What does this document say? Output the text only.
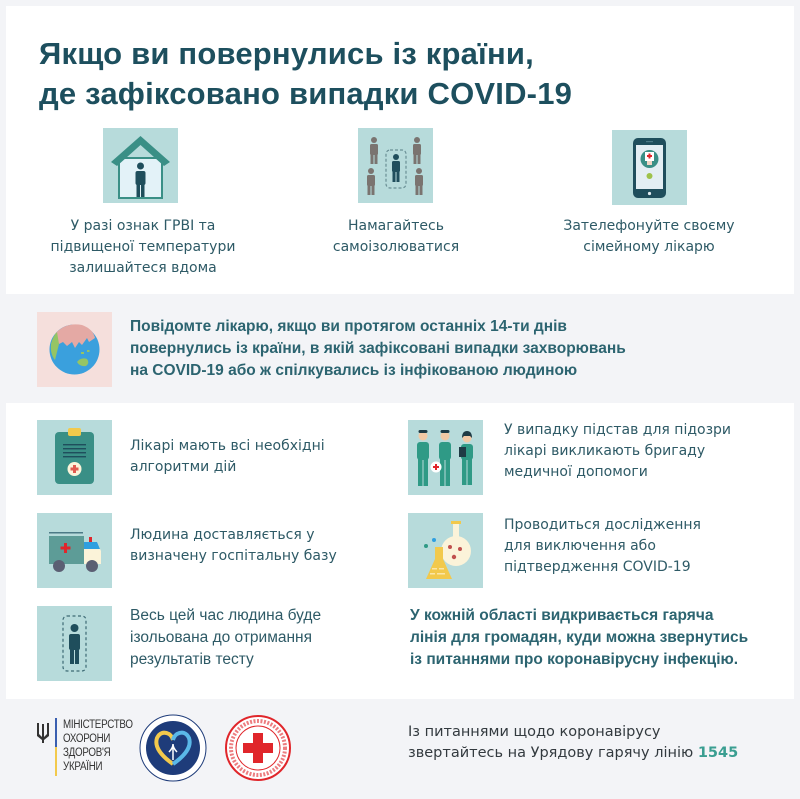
Якщо ви повернулись із країни,
де зафіксовано випадки COVID-19
У разі ознак ГРВІ та
підвищеної температури
залишайтеся вдома
Намагайтесь
самоізолюватися
Зателефонуйте своєму
сімейному лікарю
Повідомте лікарю, якщо ви протягом останніх 14-ти днів
повернулись із країни, в якій зафіксовані випадки захворювань
на COVID-19 або ж спілкувались із інфікованою людиною
Лікарі мають всі необхідні
алгоритми дій
У випадку підстав для підозри
лікарі викликають бригаду
медичної допомоги
Людина доставляється у
визначену госпітальну базу
Проводиться дослідження
для виключення або
підтвердження COVID-19
Весь цей час людина буде
ізольована до отримання
результатів тесту
У кожній області видкривається гаряча
лінія для громадян, куди можна звернутись
із питаннями про коронавірусну інфекцію.
МІНІСТЕРСТВО
ОХОРОНИ
ЗДОРОВ'Я
УКРАЇНИ
Із питаннями щодо коронавірусу
звертайтесь на Урядову гарячу лінію 1545
